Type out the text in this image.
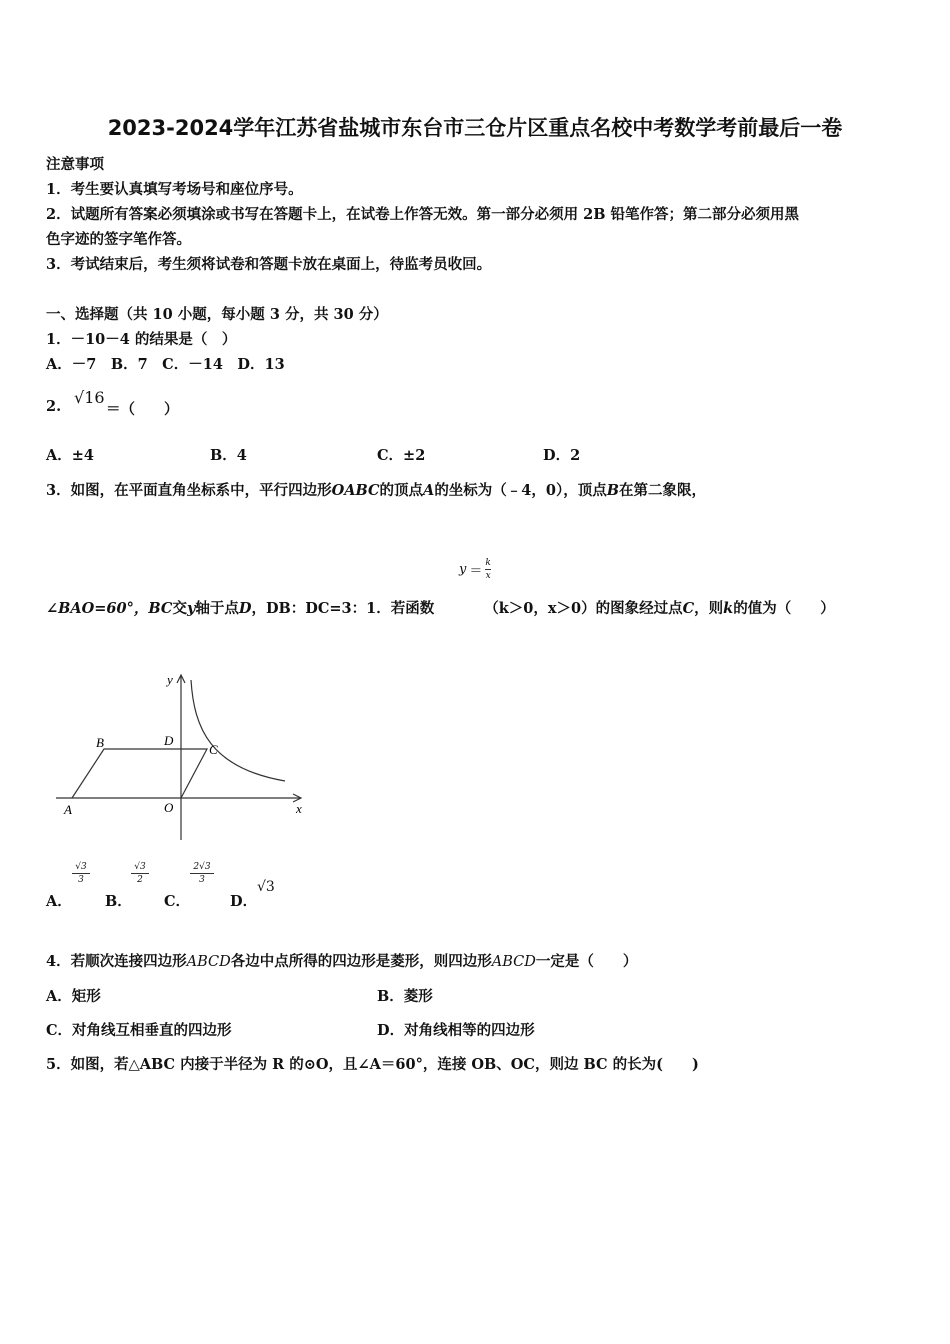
2023-2024学年江苏省盐城市东台市三仓片区重点名校中考数学考前最后一卷
注意事项
1．考生要认真填写考场号和座位序号。
2．试题所有答案必须填涂或书写在答题卡上，在试卷上作答无效。第一部分必须用 2B 铅笔作答；第二部分必须用黑
色字迹的签字笔作答。
3．考试结束后，考生须将试卷和答题卡放在桌面上，待监考员收回。
一、选择题（共 10 小题，每小题 3 分，共 30 分）
1．－10－4 的结果是（　）
A．－7　B．7　C．－14　D．13
2. √16
＝（　　）
A．±4	B．4	C．±2	D．2
3．如图，在平面直角坐标系中，平行四边形OABC的顶点A的坐标为（﹣4，0），顶点B在第二象限，
𝑦 ＝ $\frac{\text{𝑘}}{\text{𝑥}}$
∠BAO=60°，BC交y轴于点D，DB：DC=3：1．若函数	（k＞0，x＞0）的图象经过点C，则k的值为（　　）
y
x
B	D
C
A	O
A．
√3
3
B．
√3
2
C．
2√3
3
D．
√3
4．若顺次连接四边形ABCD各边中点所得的四边形是菱形，则四边形ABCD一定是（　　）
A．矩形	B．菱形
C．对角线互相垂直的四边形	D．对角线相等的四边形
5．如图，若△ABC 内接于半径为 R 的⊙O，且∠A＝60°，连接 OB、OC，则边 BC 的长为(　　)
